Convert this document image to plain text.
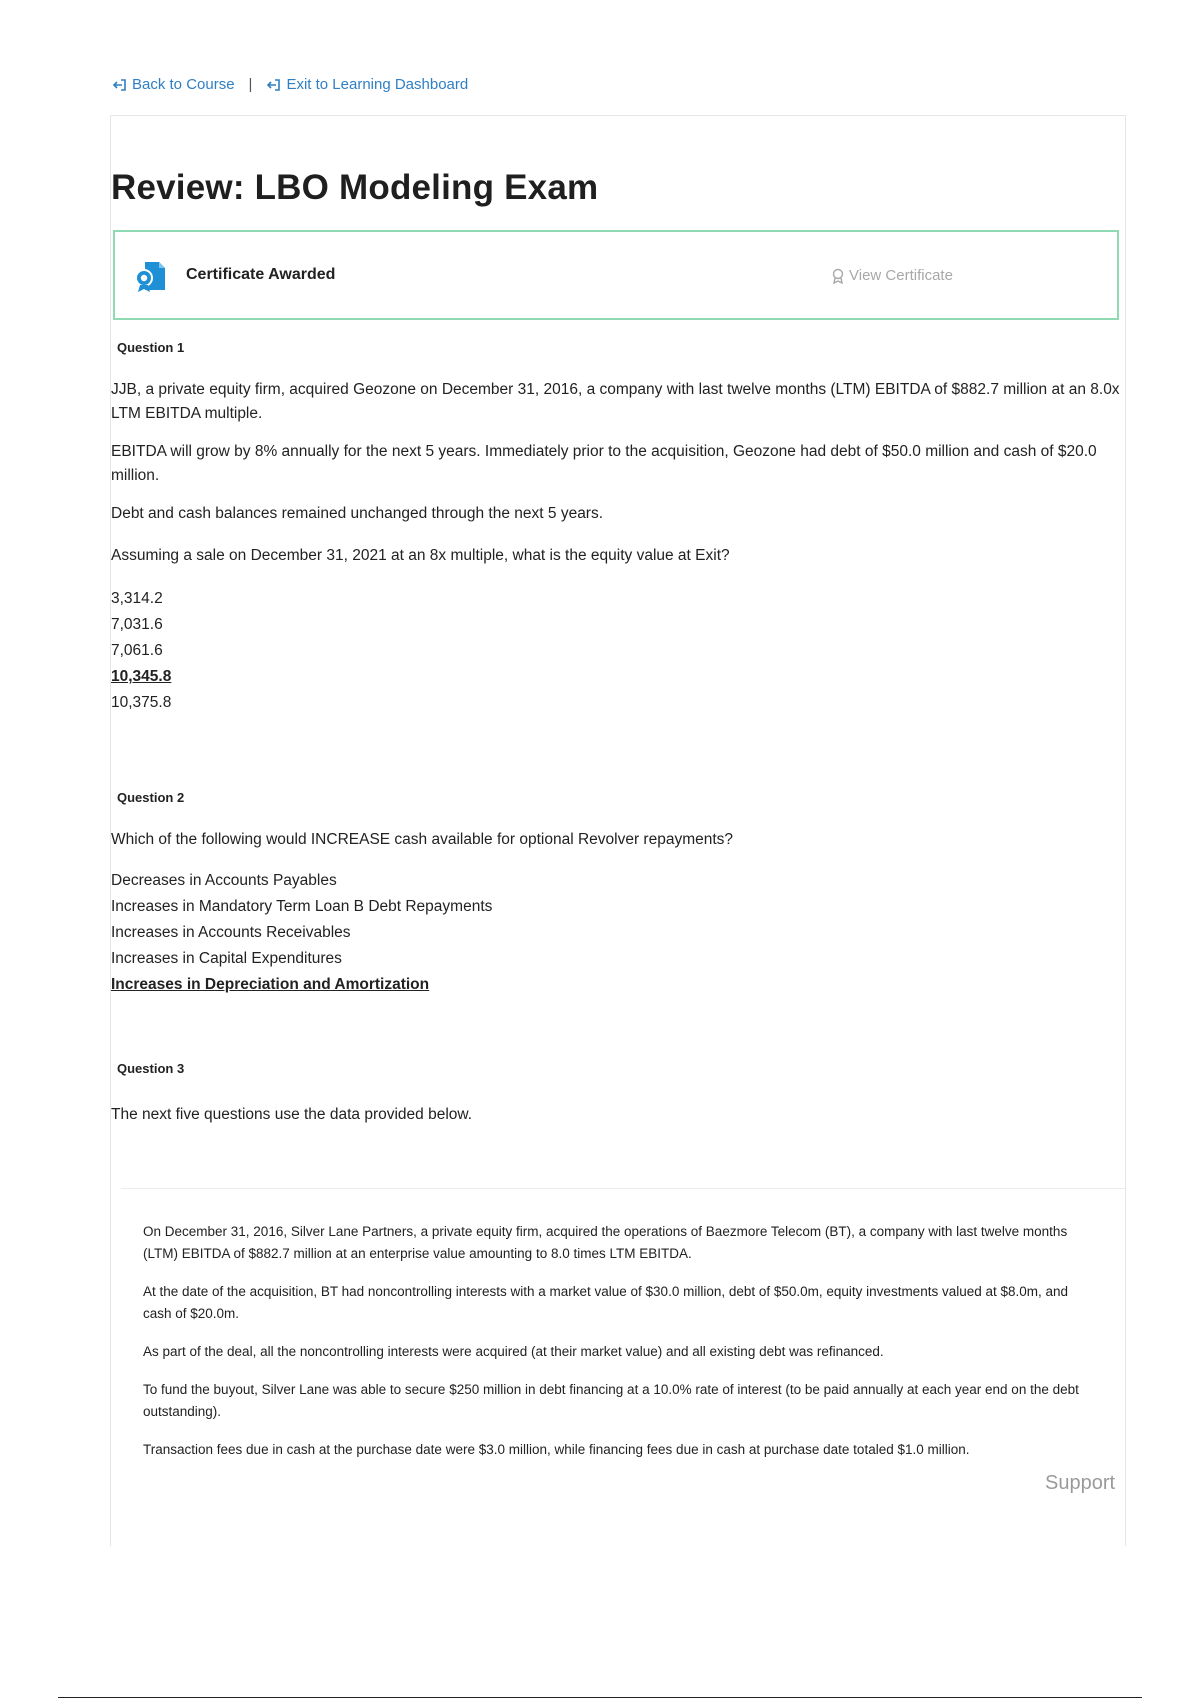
Back to Course | Exit to Learning Dashboard
Review: LBO Modeling Exam
Certificate Awarded	View Certificate
Question 1

JJB, a private equity firm, acquired Geozone on December 31, 2016, a company with last twelve months (LTM) EBITDA of $882.7 million at an 8.0x LTM EBITDA multiple.

EBITDA will grow by 8% annually for the next 5 years. Immediately prior to the acquisition, Geozone had debt of $50.0 million and cash of $20.0 million.

Debt and cash balances remained unchanged through the next 5 years.

Assuming a sale on December 31, 2021 at an 8x multiple, what is the equity value at Exit?

3,314.2
7,031.6
7,061.6
10,345.8
10,375.8
Question 2

Which of the following would INCREASE cash available for optional Revolver repayments?

Decreases in Accounts Payables
Increases in Mandatory Term Loan B Debt Repayments
Increases in Accounts Receivables
Increases in Capital Expenditures
Increases in Depreciation and Amortization
Question 3

The next five questions use the data provided below.

On December 31, 2016, Silver Lane Partners, a private equity firm, acquired the operations of Baezmore Telecom (BT), a company with last twelve months (LTM) EBITDA of $882.7 million at an enterprise value amounting to 8.0 times LTM EBITDA.

At the date of the acquisition, BT had noncontrolling interests with a market value of $30.0 million, debt of $50.0m, equity investments valued at $8.0m, and cash of $20.0m.

As part of the deal, all the noncontrolling interests were acquired (at their market value) and all existing debt was refinanced.

To fund the buyout, Silver Lane was able to secure $250 million in debt financing at a 10.0% rate of interest (to be paid annually at each year end on the debt outstanding).

Transaction fees due in cash at the purchase date were $3.0 million, while financing fees due in cash at purchase date totaled $1.0 million.

Support
